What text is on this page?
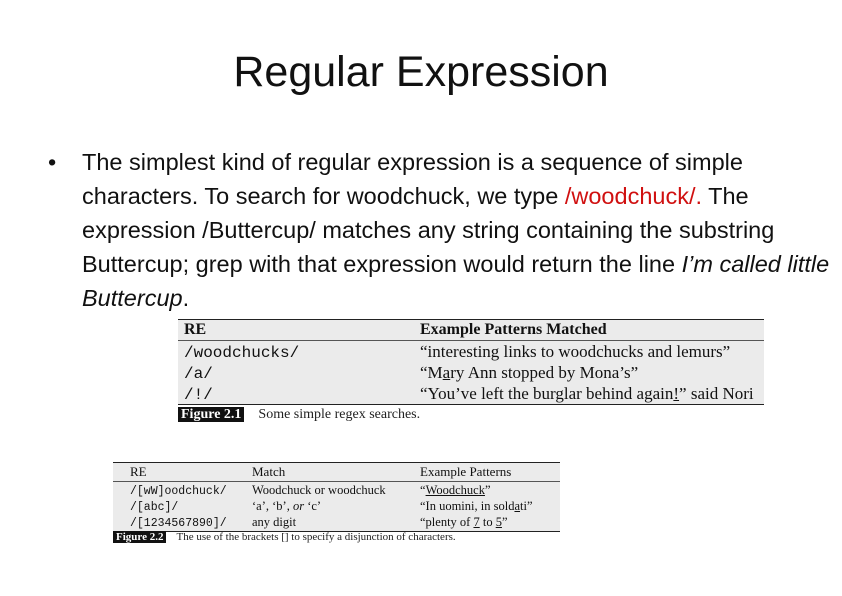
Regular Expression
• The simplest kind of regular expression is a sequence of simple characters. To search for woodchuck, we type /woodchuck/. The expression /Buttercup/ matches any string containing the substring Buttercup; grep with that expression would return the line I’m called little Buttercup.
RE	Example Patterns Matched
/woodchucks/	“interesting links to woodchucks and lemurs”
/a/	“Mary Ann stopped by Mona’s”
/!/	“You’ve left the burglar behind again!” said Nori
Figure 2.1 Some simple regex searches.
RE	Match	Example Patterns
/[wW]oodchuck/	Woodchuck or woodchuck	“Woodchuck”
/[abc]/	‘a’, ‘b’, or ‘c’	“In uomini, in soldati”
/[1234567890]/	any digit	“plenty of 7 to 5”
Figure 2.2 The use of the brackets [] to specify a disjunction of characters.
